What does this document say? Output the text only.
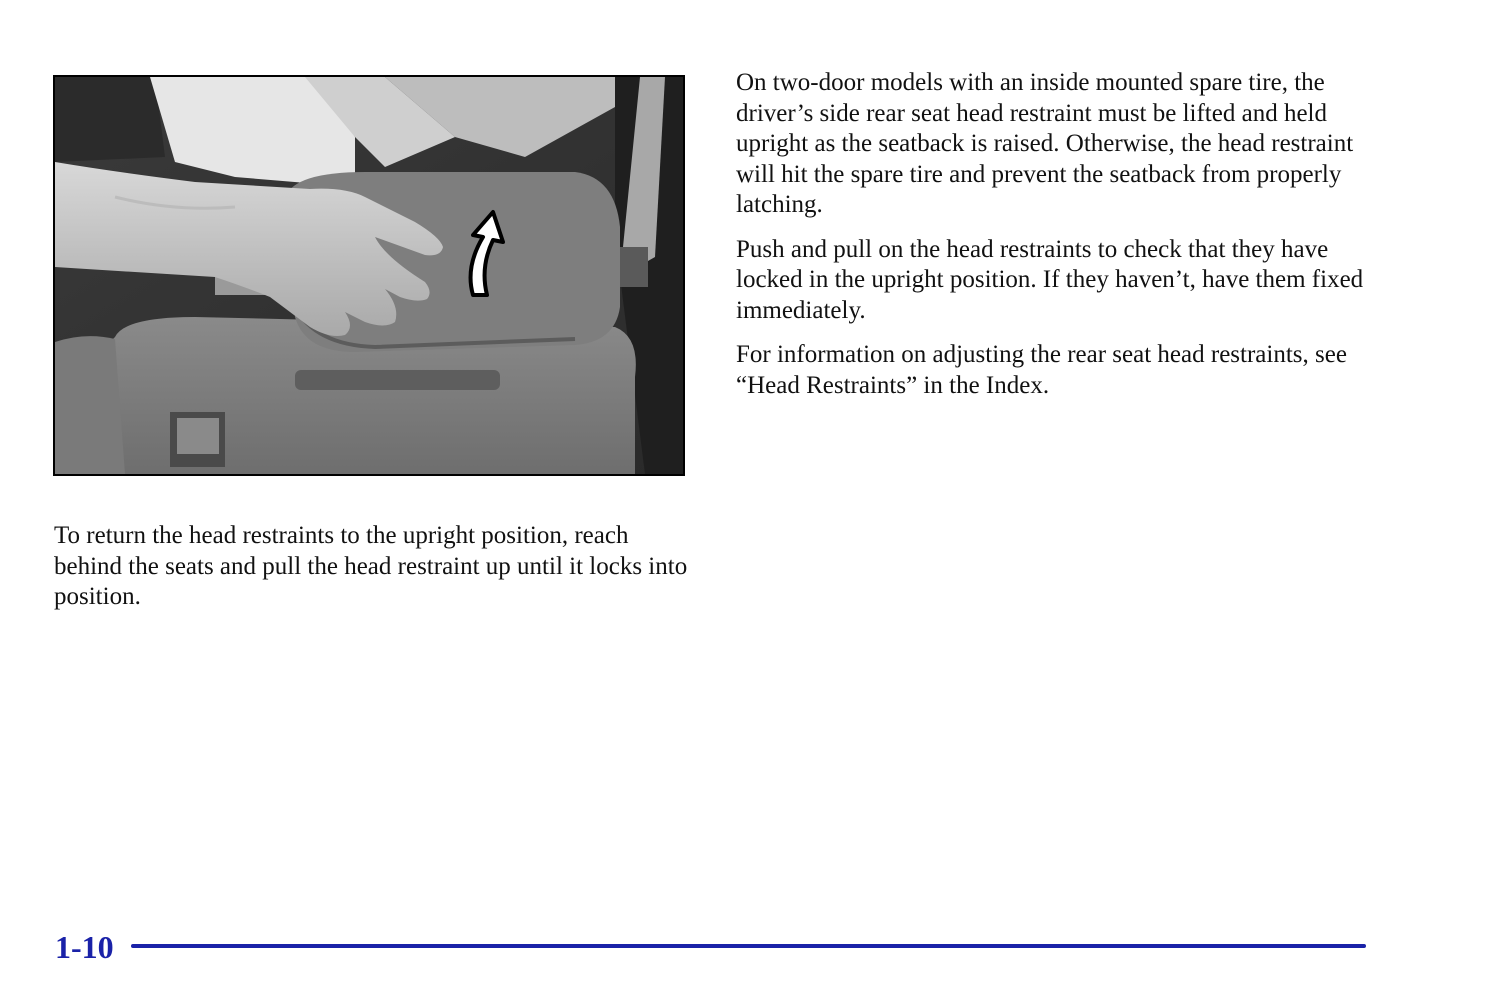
To return the head restraints to the upright position, reach behind the seats and pull the head restraint up until it locks into position.

On two-door models with an inside mounted spare tire, the driver’s side rear seat head restraint must be lifted and held upright as the seatback is raised. Otherwise, the head restraint will hit the spare tire and prevent the seatback from properly latching.

Push and pull on the head restraints to check that they have locked in the upright position. If they haven’t, have them fixed immediately.

For information on adjusting the rear seat head restraints, see “Head Restraints” in the Index.

1-10
